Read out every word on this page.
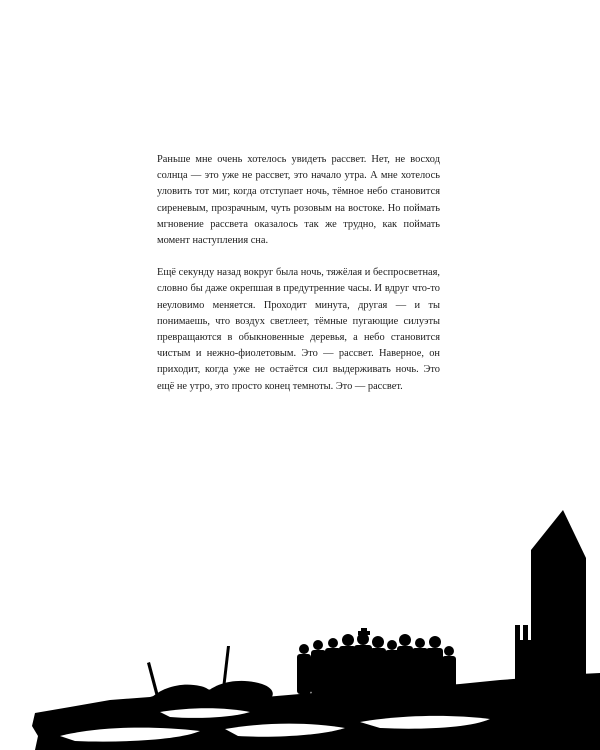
Раньше мне очень хотелось увидеть рассвет. Нет, не восход солнца — это уже не рассвет, это начало утра. А мне хотелось уловить тот миг, когда отступает ночь, тёмное небо становится сиреневым, прозрачным, чуть розовым на востоке. Но поймать мгновение рассвета оказалось так же трудно, как поймать момент наступления сна.

Ещё секунду назад вокруг была ночь, тяжёлая и беспросветная, словно бы даже окрепшая в предутренние часы. И вдруг что-то неуловимо меняется. Проходит минута, другая — и ты понимаешь, что воздух светлеет, тёмные пугающие силуэты превращаются в обыкновенные деревья, а небо становится чистым и нежно-фиолетовым. Это — рассвет. Наверное, он приходит, когда уже не остаётся сил выдерживать ночь. Это ещё не утро, это просто конец темноты. Это — рассвет.
